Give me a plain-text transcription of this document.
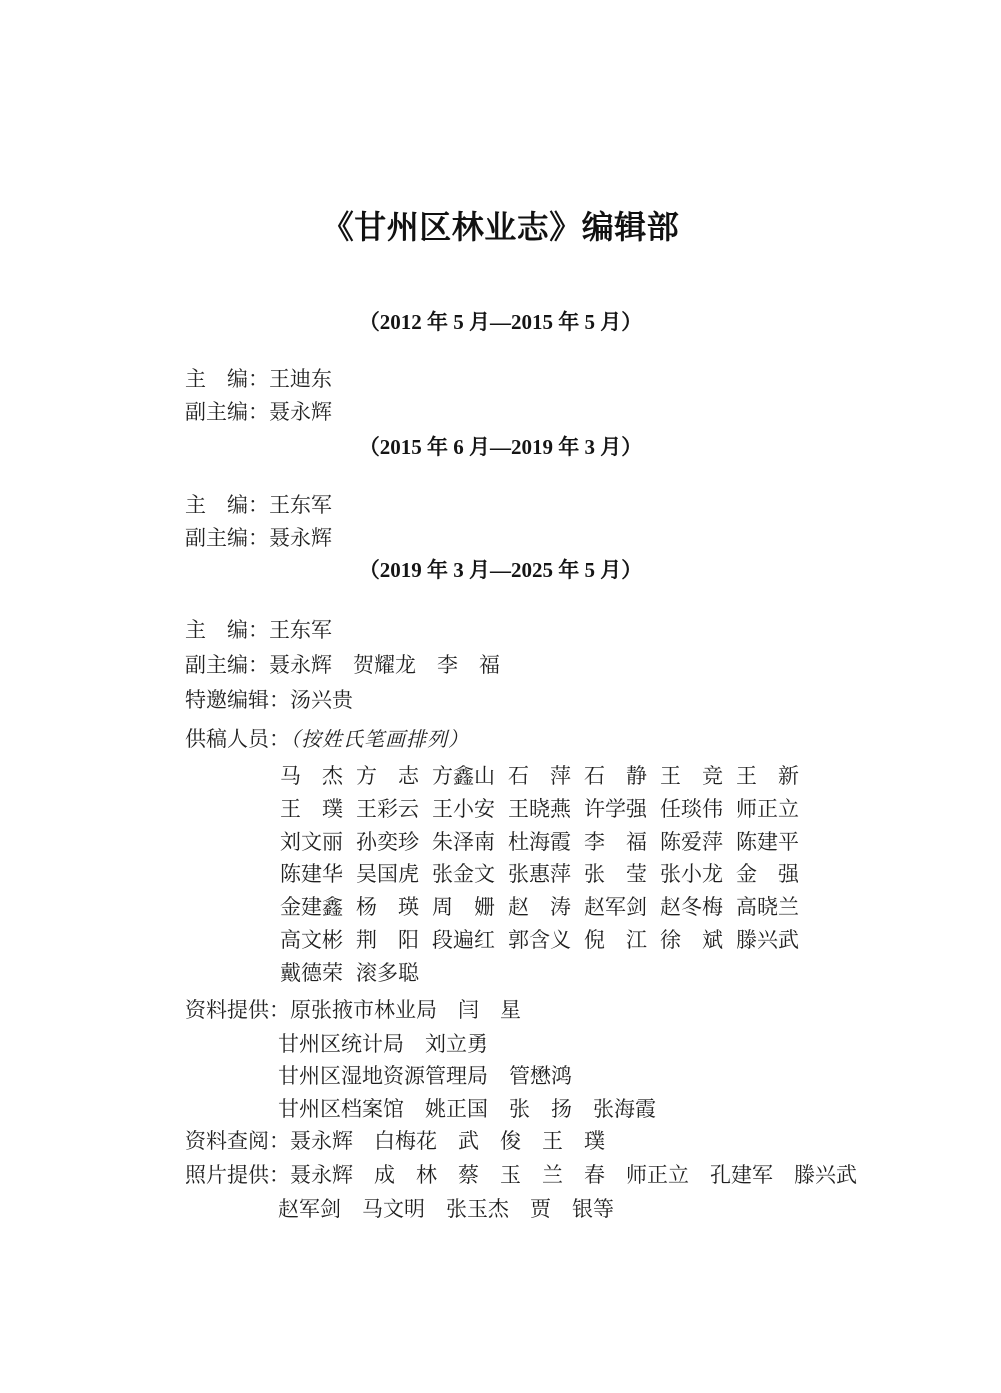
《甘州区林业志》编辑部
（2012 年 5 月—2015 年 5 月）
主　编：王迪东
副主编：聂永辉
（2015 年 6 月—2019 年 3 月）
主　编：王东军
副主编：聂永辉
（2019 年 3 月—2025 年 5 月）
主　编：王东军
副主编：聂永辉　贺耀龙　李　福
特邀编辑：汤兴贵
供稿人员：（按姓氏笔画排列）
马　杰 方　志 方鑫山 石　萍 石　静 王　竞 王　新
王　璞 王彩云 王小安 王晓燕 许学强 任琰伟 师正立
刘文丽 孙奕珍 朱泽南 杜海霞 李　福 陈爱萍 陈建平
陈建华 吴国虎 张金文 张惠萍 张　莹 张小龙 金　强
金建鑫 杨　瑛 周　姗 赵　涛 赵军剑 赵冬梅 高晓兰
高文彬 荆　阳 段遍红 郭含义 倪　江 徐　斌 滕兴武
戴德荣 滚多聪
资料提供：原张掖市林业局　闫　星
甘州区统计局　刘立勇
甘州区湿地资源管理局　管懋鸿
甘州区档案馆　姚正国　张　扬　张海霞
资料查阅：聂永辉　白梅花　武　俊　王　璞
照片提供：聂永辉　成　林　蔡　玉　兰　春　师正立　孔建军　滕兴武
赵军剑　马文明　张玉杰　贾　银等
